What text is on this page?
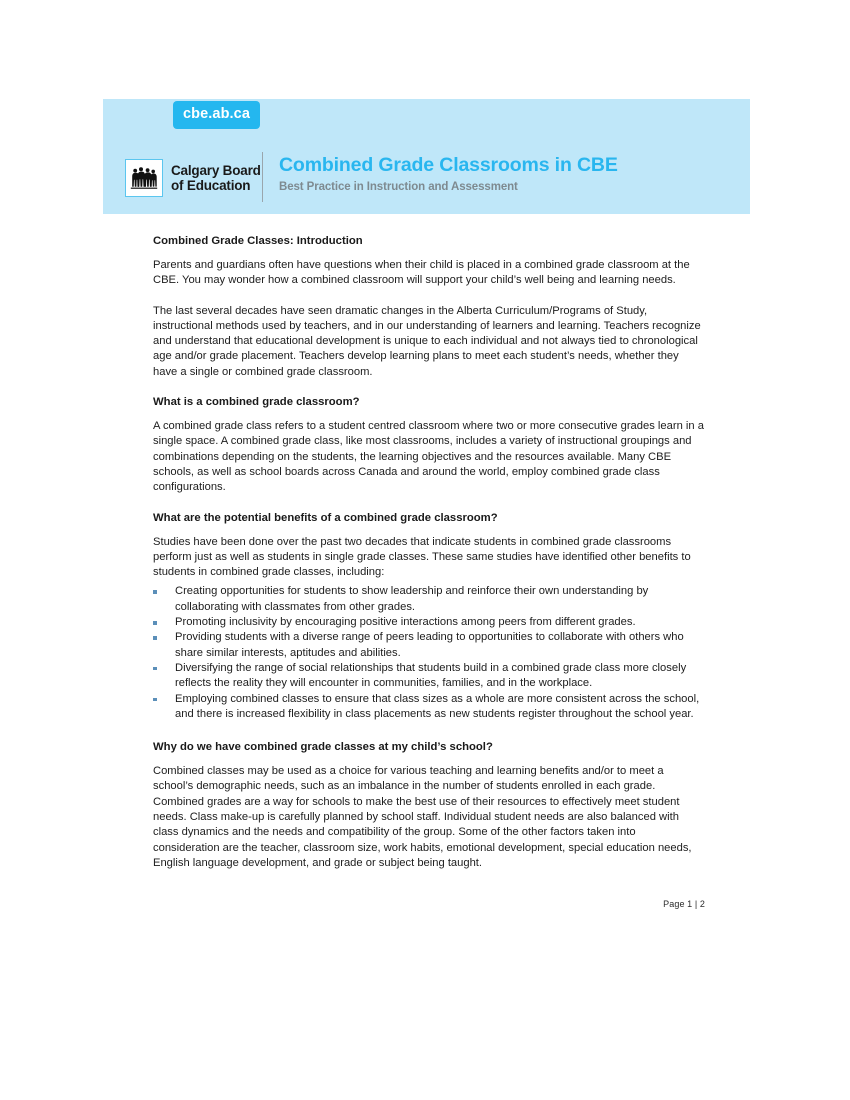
cbe.ab.ca
Calgary Board
of Education
Combined Grade Classrooms in CBE
Best Practice in Instruction and Assessment
Combined Grade Classes: Introduction

Parents and guardians often have questions when their child is placed in a combined grade classroom at the CBE. You may wonder how a combined classroom will support your child’s well being and learning needs.

The last several decades have seen dramatic changes in the Alberta Curriculum/Programs of Study, instructional methods used by teachers, and in our understanding of learners and learning. Teachers recognize and understand that educational development is unique to each individual and not always tied to chronological age and/or grade placement. Teachers develop learning plans to meet each student’s needs, whether they have a single or combined grade classroom.

What is a combined grade classroom?

A combined grade class refers to a student centred classroom where two or more consecutive grades learn in a single space. A combined grade class, like most classrooms, includes a variety of instructional groupings and combinations depending on the students, the learning objectives and the resources available. Many CBE schools, as well as school boards across Canada and around the world, employ combined grade class configurations.

What are the potential benefits of a combined grade classroom?

Studies have been done over the past two decades that indicate students in combined grade classrooms perform just as well as students in single grade classes. These same studies have identified other benefits to students in combined grade classes, including:

Creating opportunities for students to show leadership and reinforce their own understanding by collaborating with classmates from other grades.
Promoting inclusivity by encouraging positive interactions among peers from different grades.
Providing students with a diverse range of peers leading to opportunities to collaborate with others who share similar interests, aptitudes and abilities.
Diversifying the range of social relationships that students build in a combined grade class more closely reflects the reality they will encounter in communities, families, and in the workplace.
Employing combined classes to ensure that class sizes as a whole are more consistent across the school, and there is increased flexibility in class placements as new students register throughout the school year.
Why do we have combined grade classes at my child’s school?

Combined classes may be used as a choice for various teaching and learning benefits and/or to meet a school’s demographic needs, such as an imbalance in the number of students enrolled in each grade. Combined grades are a way for schools to make the best use of their resources to effectively meet student needs. Class make-up is carefully planned by school staff. Individual student needs are also balanced with class dynamics and the needs and compatibility of the group. Some of the other factors taken into consideration are the teacher, classroom size, work habits, emotional development, special education needs, English language development, and grade or subject being taught.

Page 1 | 2
